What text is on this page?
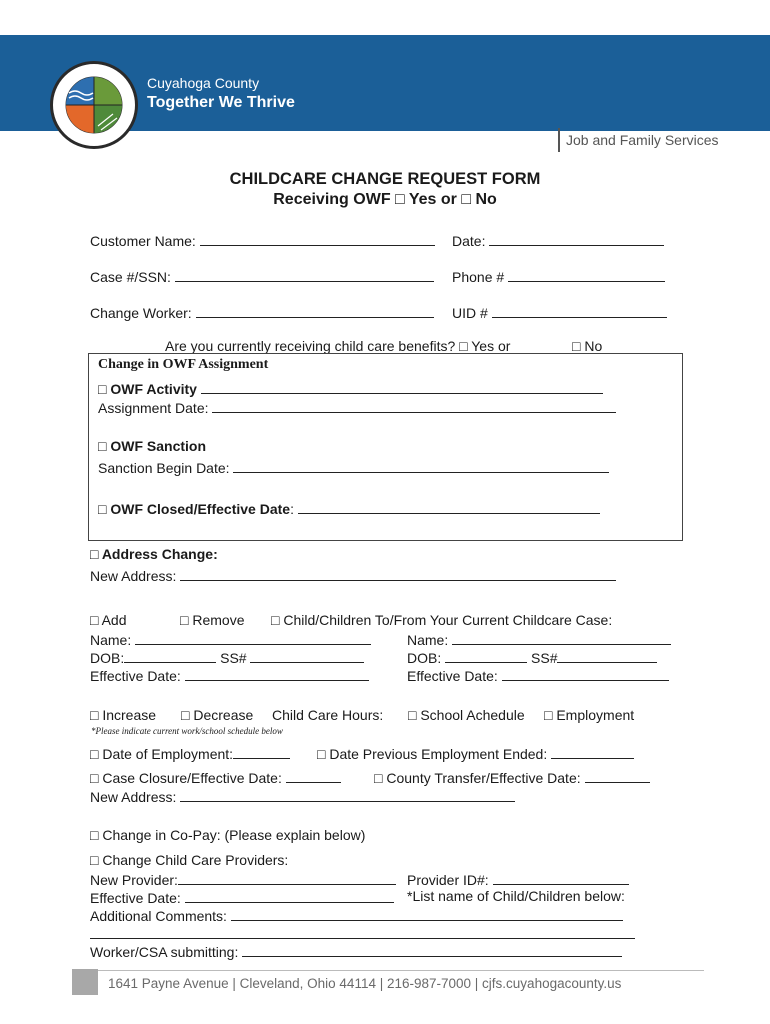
Cuyahoga County
Together We Thrive
Job and Family Services
CHILDCARE CHANGE REQUEST FORM
Receiving OWF □ Yes or □ No
Customer Name:	Date:
Case #/SSN:	Phone #
Change Worker:	UID #
Are you currently receiving child care benefits? □ Yes or	□ No
Change in OWF Assignment
□ OWF Activity
Assignment Date:
□ OWF Sanction
Sanction Begin Date:
□ OWF Closed/Effective Date:
□ Address Change:
New Address:
□ Add	□ Remove □ Child/Children To/From Your Current Childcare Case:
Name:	Name:
DOB:	SS#	DOB:	SS#
Effective Date:	Effective Date:
□ Increase □ Decrease Child Care Hours: □ School Achedule □ Employment
*Please indicate current work/school schedule below
□ Date of Employment:	□ Date Previous Employment Ended:
□ Case Closure/Effective Date:	□ County Transfer/Effective Date:
New Address:
□ Change in Co-Pay: (Please explain below)
□ Change Child Care Providers:
New Provider:	Provider ID#:
Effective Date:	*List name of Child/Children below:
Additional Comments:
Worker/CSA submitting:
1641 Payne Avenue | Cleveland, Ohio 44114 | 216-987-7000 | cjfs.cuyahogacounty.us
